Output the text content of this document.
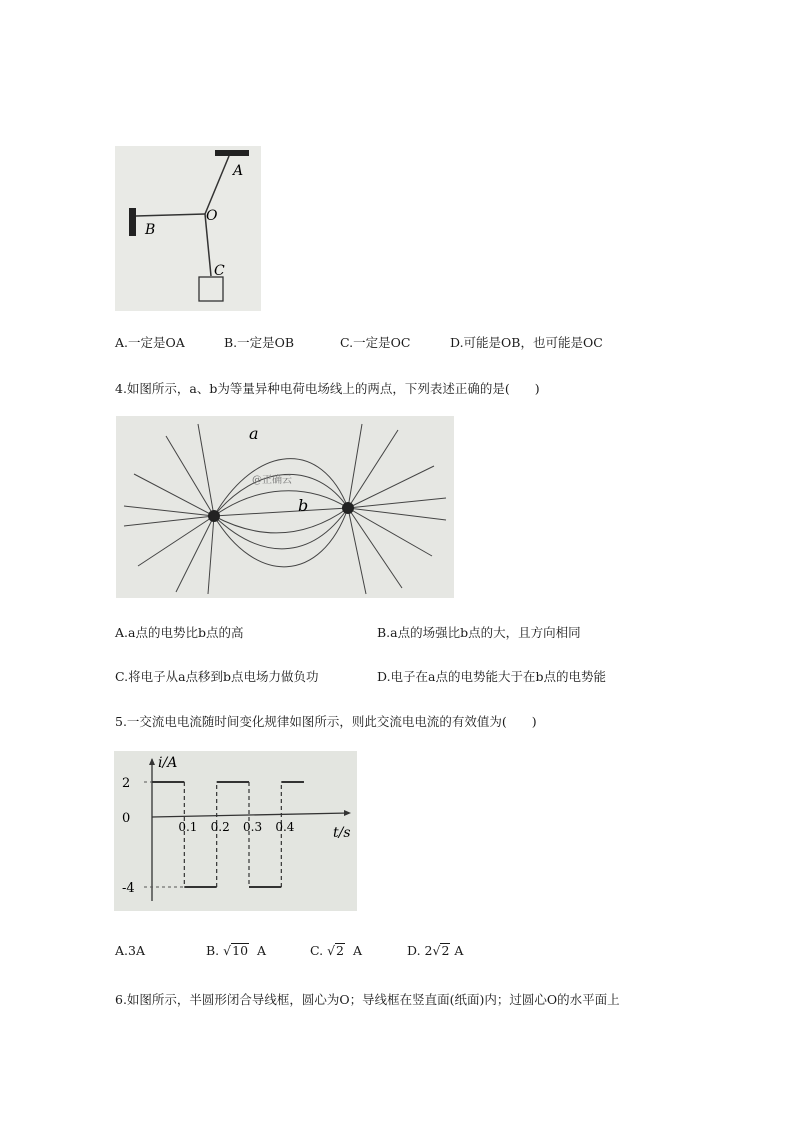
A
B
O
C
A.一定是OA	B.一定是OB	C.一定是OC	D.可能是OB，也可能是OC
4.如图所示，a、b为等量异种电荷电场线上的两点，下列表述正确的是(　　)
a
b
@正确云
A.a点的电势比b点的高	B.a点的场强比b点的大，且方向相同
C.将电子从a点移到b点电场力做负功	D.电子在a点的电势能大于在b点的电势能
5.一交流电电流随时间变化规律如图所示，则此交流电电流的有效值为(　　)
2
0
-4
0.1 0.2 0.3 0.4
i/A
t/s
A.3A	B. √10 A	C. √2 A	D. 2√2 A
6.如图所示，半圆形闭合导线框，圆心为O；导线框在竖直面(纸面)内；过圆心O的水平面上
